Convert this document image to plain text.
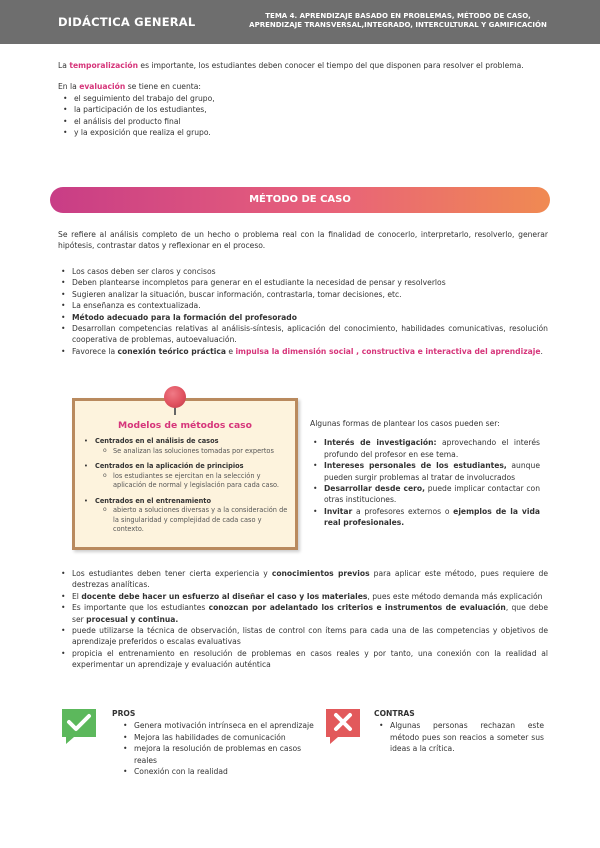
DIDÁCTICA GENERAL	TEMA 4. APRENDIZAJE BASADO EN PROBLEMAS, MÉTODO DE CASO,
APRENDIZAJE TRANSVERSAL,INTEGRADO, INTERCULTURAL Y GAMIFICACIÓN

La temporalización es importante, los estudiantes deben conocer el tiempo del que disponen para resolver el problema.

En la evaluación se tiene en cuenta:

• el seguimiento del trabajo del grupo,
• la participación de los estudiantes,
• el análisis del producto final
• y la exposición que realiza el grupo.
MÉTODO DE CASO

Se refiere al análisis completo de un hecho o problema real con la finalidad de conocerlo, interpretarlo, resolverlo, generar hipótesis, contrastar datos y reflexionar en el proceso.

• Los casos deben ser claros y concisos
• Deben plantearse incompletos para generar en el estudiante la necesidad de pensar y resolverlos
• Sugieren analizar la situación, buscar información, contrastarla, tomar decisiones, etc.
• La enseñanza es contextualizada.
• Método adecuado para la formación del profesorado
• Desarrollan competencias relativas al análisis-síntesis, aplicación del conocimiento, habilidades comunicativas, resolución cooperativa de problemas, autoevaluación.
• Favorece la conexión teórico práctica e impulsa la dimensión social , constructiva e interactiva del aprendizaje.
Modelos de métodos caso
• Centrados en el análisis de casos
o Se analizan las soluciones tomadas por expertos
• Centrados en la aplicación de principios
o los estudiantes se ejercitan en la selección y aplicación de normal y legislación para cada caso.
• Centrados en el entrenamiento
o abierto a soluciones diversas y a la consideración de la singularidad y complejidad de cada caso y contexto.

Algunas formas de plantear los casos pueden ser:

• Interés de investigación: aprovechando el interés profundo del profesor en ese tema.
• Intereses personales de los estudiantes, aunque pueden surgir problemas al tratar de involucrados
• Desarrollar desde cero, puede implicar contactar con otras instituciones.
• Invitar a profesores externos o ejemplos de la vida real profesionales.
• Los estudiantes deben tener cierta experiencia y conocimientos previos para aplicar este método, pues requiere de destrezas analíticas.
• El docente debe hacer un esfuerzo al diseñar el caso y los materiales, pues este método demanda más explicación
• Es importante que los estudiantes conozcan por adelantado los criterios e instrumentos de evaluación, que debe ser procesual y continua.
• puede utilizarse la técnica de observación, listas de control con ítems para cada una de las competencias y objetivos de aprendizaje preferidos o escalas evaluativas
• propicia el entrenamiento en resolución de problemas en casos reales y por tanto, una conexión con la realidad al experimentar un aprendizaje y evaluación auténtica
PROS
• Genera motivación intrínseca en el aprendizaje
• Mejora las habilidades de comunicación
• mejora la resolución de problemas en casos reales
• Conexión con la realidad
CONTRAS
• Algunas personas rechazan este método pues son reacios a someter sus ideas a la crítica.
